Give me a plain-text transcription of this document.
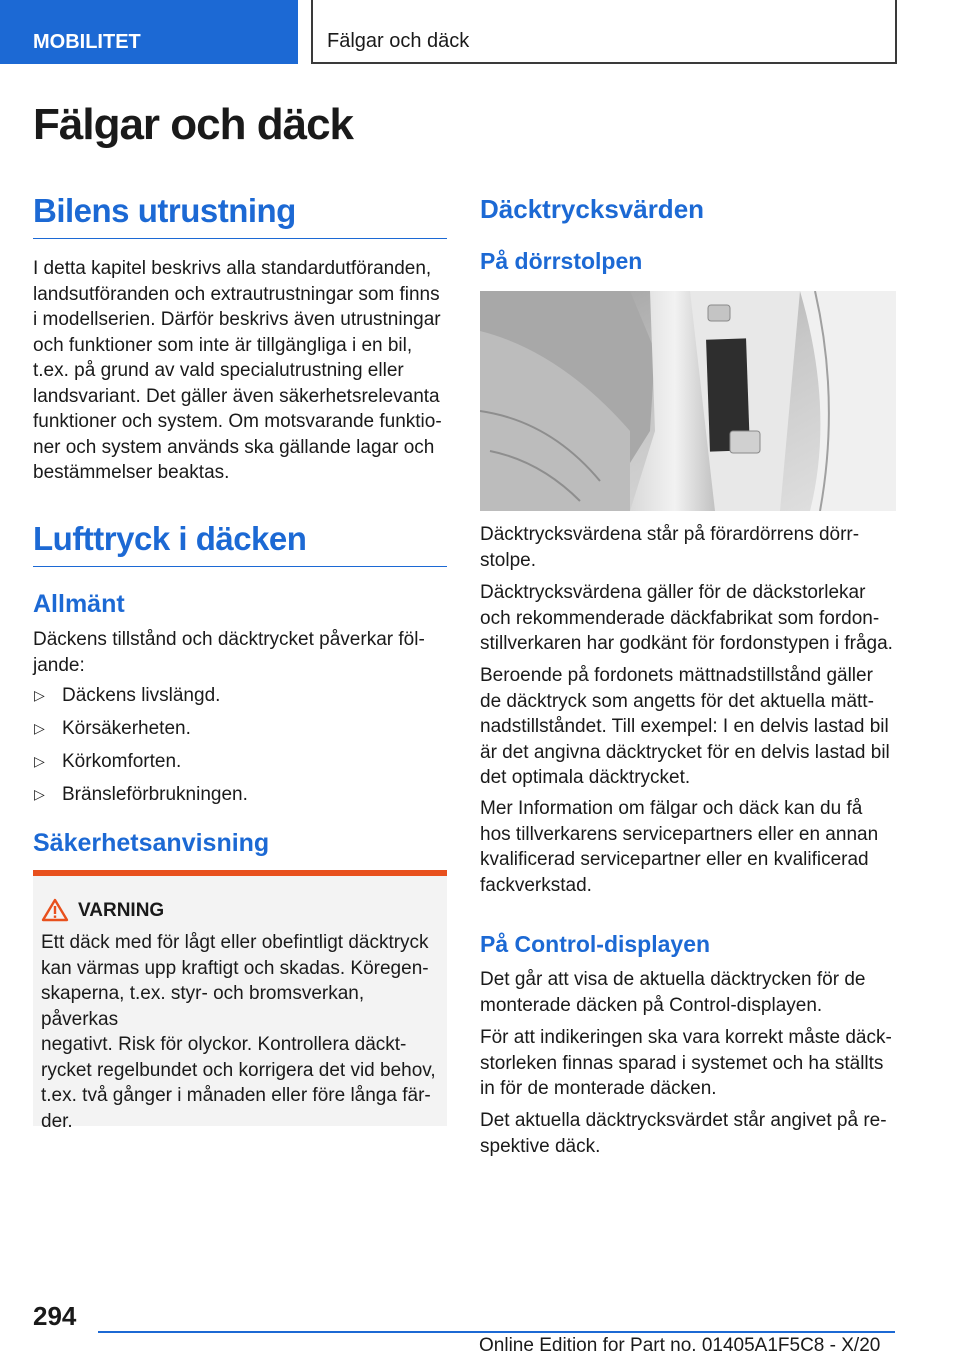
MOBILITET	Fälgar och däck
Fälgar och däck
Bilens utrustning

I detta kapitel beskrivs alla standardutföranden,
landsutföranden och extrautrustningar som finns
i modellserien. Därför beskrivs även utrustningar
och funktioner som inte är tillgängliga i en bil,
t.ex. på grund av vald specialutrustning eller
landsvariant. Det gäller även säkerhetsrelevanta
funktioner och system. Om motsvarande funktio‐
ner och system används ska gällande lagar och
bestämmelser beaktas.

Lufttryck i däcken
Allmänt

Däckens tillstånd och däcktrycket påverkar föl‐
jande:

▷ Däckens livslängd.
▷ Körsäkerheten.
▷ Körkomforten.
▷ Bränsleförbrukningen.
Säkerhetsanvisning
VARNING

Ett däck med för lågt eller obefintligt däcktryck
kan värmas upp kraftigt och skadas. Köregen‐
skaperna, t.ex. styr- och bromsverkan, påverkas
negativt. Risk för olyckor. Kontrollera däckt‐
rycket regelbundet och korrigera det vid behov,
t.ex. två gånger i månaden eller före långa fär‐
der.

Däcktrycksvärden
På dörrstolpen

Däcktrycksvärdena står på förardörrens dörr‐
stolpe.

Däcktrycksvärdena gäller för de däckstorlekar
och rekommenderade däckfabrikat som fordon‐
stillverkaren har godkänt för fordonstypen i fråga.

Beroende på fordonets mättnadstillstånd gäller
de däcktryck som angetts för det aktuella mätt‐
nadstillståndet. Till exempel: I en delvis lastad bil
är det angivna däcktrycket för en delvis lastad bil
det optimala däcktrycket.

Mer Information om fälgar och däck kan du få
hos tillverkarens servicepartners eller en annan
kvalificerad servicepartner eller en kvalificerad
fackverkstad.

På Control-displayen

Det går att visa de aktuella däcktrycken för de
monterade däcken på Control-displayen.

För att indikeringen ska vara korrekt måste däck‐
storleken finnas sparad i systemet och ha ställts
in för de monterade däcken.

Det aktuella däcktrycksvärdet står angivet på re‐
spektive däck.

294
Online Edition for Part no. 01405A1F5C8 - X/20
